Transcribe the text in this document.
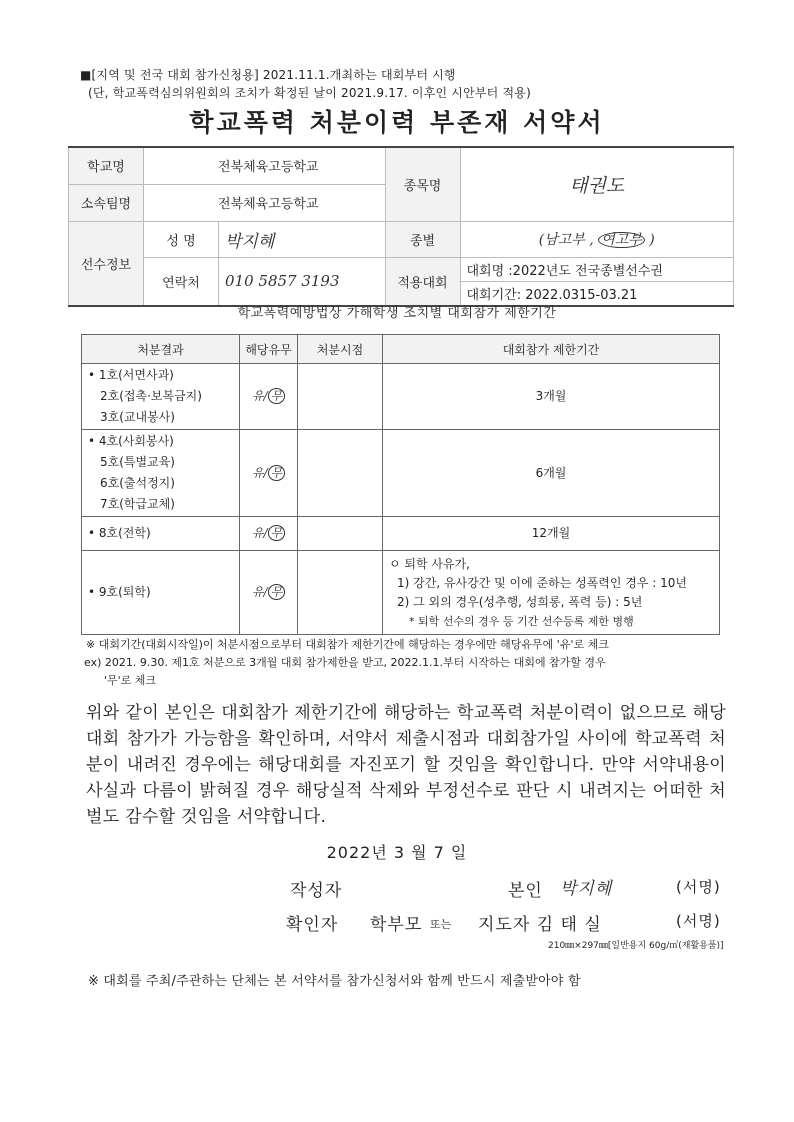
■[지역 및 전국 대회 참가신청용] 2021.11.1.개최하는 대회부터 시행
(단, 학교폭력심의위원회의 조치가 확정된 날이 2021.9.17. 이후인 시안부터 적용)
학교폭력 처분이력 부존재 서약서
학교명	전북체육고등학교		종목명	태권도
소속팀명	전북체육고등학교			
선수정보	성 명	박지혜	종별	(남고부 , 여고부 )
	연락처	010 5857 3193	적용대회	대회명 :2022년도 전국종별선수권
대회기간: 2022.0315-03.21
학교폭력예방법상 가해학생 조치별 대회참가 제한기간
처분결과	해당유무	처분시점	대회참가 제한기간

• 1호(서면사과)
2호(접촉·보복금지)
3호(교내봉사)	유/ 무		3개월

• 4호(사회봉사)
5호(특별교육)
6호(출석정지)
7호(학급교체)	유/ 무		6개월

• 8호(전학)	유/ 무		12개월

• 9호(퇴학)	유/ 무		ㅇ 퇴학 사유가,
1) 강간, 유사강간 및 이에 준하는 성폭력인 경우 : 10년
2) 그 외의 경우(성추행, 성희롱, 폭력 등) : 5년
* 퇴학 선수의 경우 등 기간 선수등록 제한 병행
※ 대회기간(대회시작일)이 처분시점으로부터 대회참가 제한기간에 해당하는 경우에만 해당유무에 '유'로 체크
ex) 2021. 9.30. 제1호 처분으로 3개월 대회 참가제한을 받고, 2022.1.1.부터 시작하는 대회에 참가할 경우
'무'로 체크
위와 같이 본인은 대회참가 제한기간에 해당하는 학교폭력 처분이력이 없으므로 해당 대회 참가가 가능함을 확인하며, 서약서 제출시점과 대회참가일 사이에 학교폭력 처분이 내려진 경우에는 해당대회를 자진포기 할 것임을 확인합니다. 만약 서약내용이 사실과 다름이 밝혀질 경우 해당실적 삭제와 부정선수로 판단 시 내려지는 어떠한 처벌도 감수할 것임을 서약합니다.
2022년 3 월 7 일
작성자	본인 박지혜	(서명)
확인자 학부모 또는 지도자 김 태 실	(서명)
210㎜×297㎜[일반용지 60g/㎡(재활용품)]
※ 대회를 주최/주관하는 단체는 본 서약서를 참가신청서와 함께 반드시 제출받아야 함
